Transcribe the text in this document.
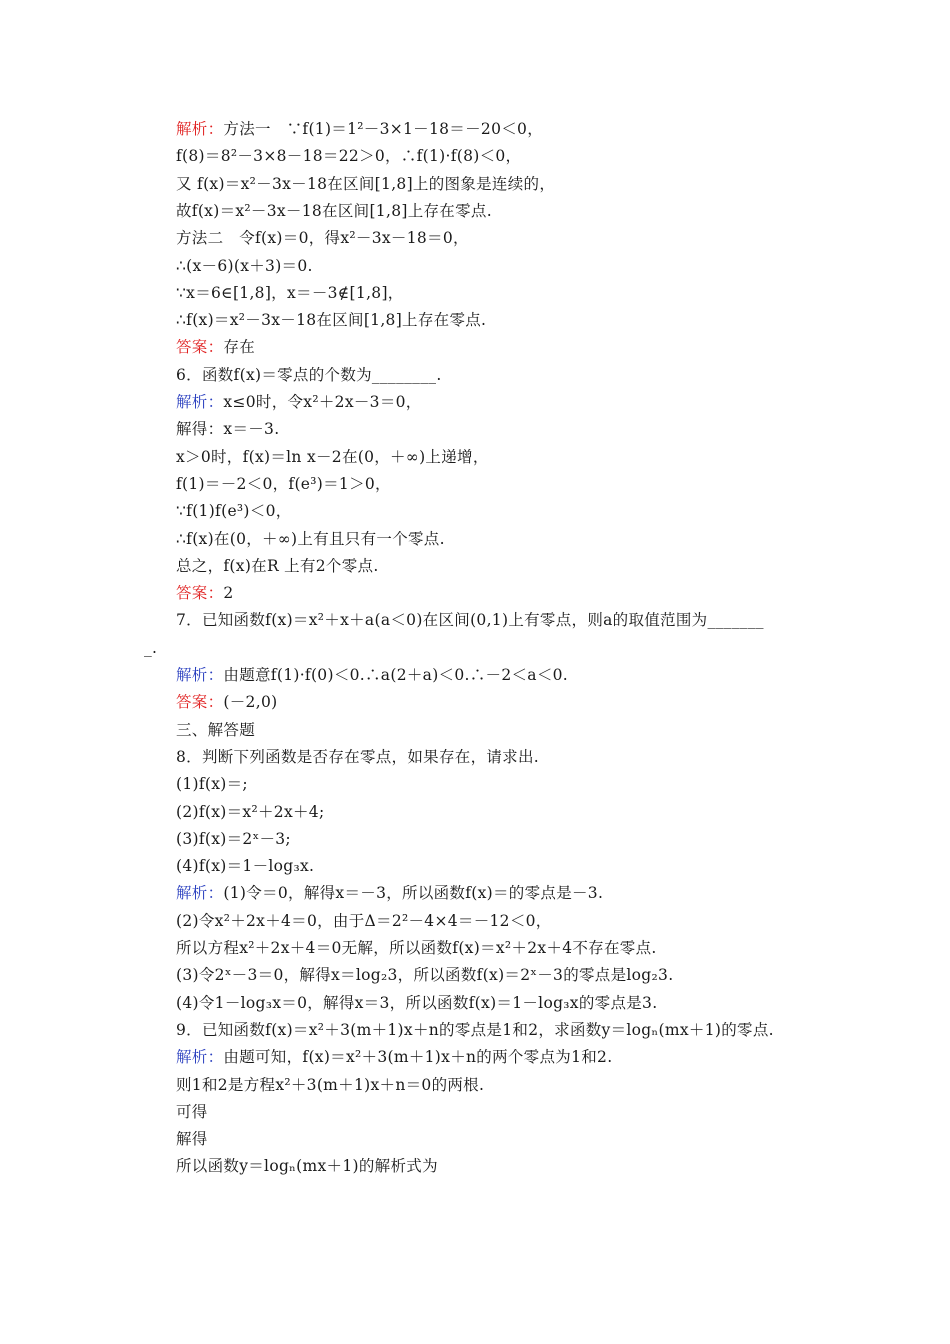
解析：方法一　∵f(1)＝1²－3×1－18＝－20＜0，
f(8)＝8²－3×8－18＝22＞0，∴f(1)·f(8)＜0，
又 f(x)＝x²－3x－18在区间[1,8]上的图象是连续的，
故f(x)＝x²－3x－18在区间[1,8]上存在零点.
方法二　令f(x)＝0，得x²－3x－18＝0，
∴(x－6)(x＋3)＝0.
∵x＝6∈[1,8]，x＝－3∉[1,8]，
∴f(x)＝x²－3x－18在区间[1,8]上存在零点.
答案：存在
6．函数f(x)＝零点的个数为________.
解析：x≤0时，令x²＋2x－3＝0，
解得：x＝－3.
x＞0时，f(x)＝ln x－2在(0，＋∞)上递增，
f(1)＝－2＜0，f(e³)＝1＞0，
∵f(1)f(e³)＜0，
∴f(x)在(0，＋∞)上有且只有一个零点.
总之，f(x)在R 上有2个零点.
答案：2
7．已知函数f(x)＝x²＋x＋a(a＜0)在区间(0,1)上有零点，则a的取值范围为_______
_.
解析：由题意f(1)·f(0)＜0.∴a(2＋a)＜0.∴－2＜a＜0.
答案：(－2,0)
三、解答题
8．判断下列函数是否存在零点，如果存在，请求出.
(1)f(x)＝;
(2)f(x)＝x²＋2x＋4;
(3)f(x)＝2ˣ－3;
(4)f(x)＝1－log₃x.
解析：(1)令＝0，解得x＝－3，所以函数f(x)＝的零点是－3.
(2)令x²＋2x＋4＝0，由于Δ＝2²－4×4＝－12＜0，
所以方程x²＋2x＋4＝0无解，所以函数f(x)＝x²＋2x＋4不存在零点.
(3)令2ˣ－3＝0，解得x＝log₂3，所以函数f(x)＝2ˣ－3的零点是log₂3.
(4)令1－log₃x＝0，解得x＝3，所以函数f(x)＝1－log₃x的零点是3.
9．已知函数f(x)＝x²＋3(m＋1)x＋n的零点是1和2，求函数y＝logₙ(mx＋1)的零点.
解析：由题可知，f(x)＝x²＋3(m＋1)x＋n的两个零点为1和2.
则1和2是方程x²＋3(m＋1)x＋n＝0的两根.
可得
解得
所以函数y＝logₙ(mx＋1)的解析式为
